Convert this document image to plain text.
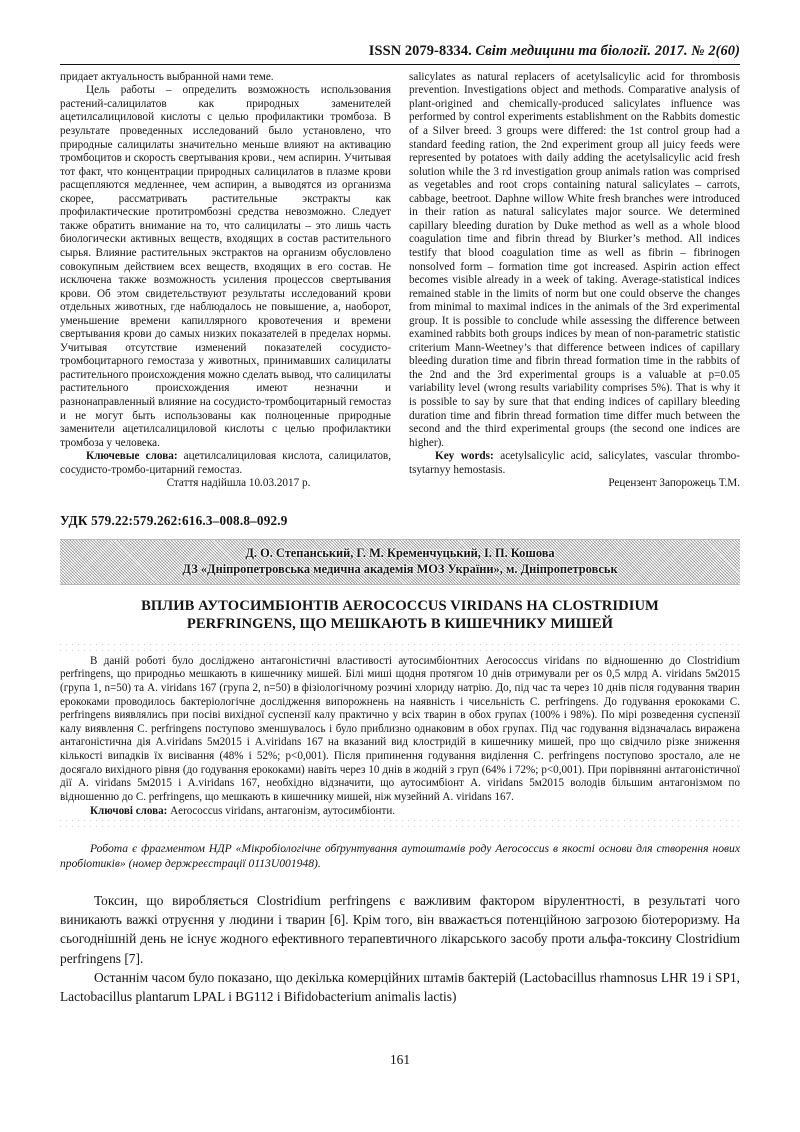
ISSN 2079-8334. Світ медицини та біології. 2017. № 2(60)

придает актуальность выбранной нами теме.

Цель работы – определить возможность использования растений-салицилатов как природных заменителей ацетилсалициловой кислоты с целью профилактики тромбоза. В результате проведенных исследований было установлено, что природные салицилаты значительно меньше влияют на активацию тромбоцитов и скорость свертывания крови., чем аспирин. Учитывая тот факт, что концентрации природных салицилатов в плазме крови расщепляются медленнее, чем аспирин, а выводятся из организма скорее, рассматривать растительные экстракты как профилактические протитромбозні средства невозможно. Следует также обратить внимание на то, что салицилаты – это лишь часть биологически активных веществ, входящих в состав растительного сырья. Влияние растительных экстрактов на организм обусловлено совокупным действием всех веществ, входящих в его состав. Не исключена также возможность усиления процессов свертывания крови. Об этом свидетельствуют результаты исследований крови отдельных животных, где наблюдалось не повышение, а, наоборот, уменьшение времени капиллярного кровотечения и времени свертывания крови до самых низких показателей в пределах нормы. Учитывая отсутствие изменений показателей сосудисто-тромбоцитарного гемостаза у животных, принимавших салицилаты растительного происхождения можно сделать вывод, что салицилаты растительного происхождения имеют незначни и разнонаправленный влияние на сосудисто-тромбоцитарный гемостаз и не могут быть использованы как полноценные природные заменители ацетилсалициловой кислоты с целью профилактики тромбоза у человека.

Ключевые слова: ацетилсалициловая кислота, салицилатов, сосудисто-тромбо-цитарний гемостаз.

Стаття надійшла 10.03.2017 р.

salicylates as natural replacers of acetylsalicylic acid for thrombosis prevention. Investigations object and methods. Comparative analysis of plant-origined and chemically-produced salicylates influence was performed by control experiments establishment on the Rabbits domestic of a Silver breed. 3 groups were differed: the 1st control group had a standard feeding ration, the 2nd experiment group all juicy feeds were represented by potatoes with daily adding the acetylsalicylic acid fresh solution while the 3 rd investigation group animals ration was comprised as vegetables and root crops containing natural salicylates – carrots, cabbage, beetroot. Daphne willow White fresh branches were introduced in their ration as natural salicylates major source. We determined capillary bleeding duration by Duke method as well as a whole blood coagulation time and fibrin thread by Biurker’s method. All indices testify that blood coagulation time as well as fibrin – fibrinogen nonsolved form – formation time got increased. Aspirin action effect becomes visible already in a week of taking. Average-statistical indices remained stable in the limits of norm but one could observe the changes from minimal to maximal indices in the animals of the 3rd experimental group. It is possible to conclude while assessing the difference between examined rabbits both groups indices by mean of non-parametric statistic criterium Mann-Weetney’s that difference between indices of capillary bleeding duration time and fibrin thread formation time in the rabbits of the 2nd and the 3rd experimental groups is a valuable at p=0.05 variability level (wrong results variability comprises 5%). That is why it is possible to say by sure that that ending indices of capillary bleeding duration time and fibrin thread formation time differ much between the second and the third experimental groups (the second one indices are higher).

Key words: acetylsalicylic acid, salicylates, vascular thrombo-tsytarnyy hemostasis.

Рецензент Запорожець Т.М.

УДК 579.22:579.262:616.3–008.8–092.9
Д. О. Степанський, Г. М. Кременчуцький, І. П. Кошова
ДЗ «Дніпропетровська медична академія МОЗ України», м. Дніпропетровськ
ВПЛИВ АУТОСИМБІОНТІВ AEROCOCCUS VIRIDANS НА CLOSTRIDIUM
PERFRINGENS, ЩО МЕШКАЮТЬ В КИШЕЧНИКУ МИШЕЙ

В даній роботі було досліджено антагоністичні властивості аутосимбіонтних Aerococcus viridans по відношенню до Clostridium perfringens, що природньо мешкають в кишечнику мишей. Білі миші щодня протягом 10 днів отримували per os 0,5 млрд A. viridans 5м2015 (група 1, n=50) та A. viridans 167 (група 2, n=50) в фізіологічному розчині хлориду натрію. До, під час та через 10 днів після годування тварин ерококами проводилось бактеріологічне дослідження випорожнень на наявність і чисельність C. perfringens. До годування ерококами C. perfringens виявлялись при посіві вихідної суспензії калу практично у всіх тварин в обох групах (100% і 98%). По мірі розведення суспензії калу виявлення C. perfringens поступово зменшувалось і було приблизно однаковим в обох групах. Під час годування відзначалась виражена антагоністична дія A.viridans 5м2015 і A.viridans 167 на вказаний вид клостридій в кишечнику мишей, про що свідчило різке зниження кількості випадків їх висівання (48% і 52%; p<0,001). Після припинення годування виділення C. perfringens поступово зростало, але не досягало вихідного рівня (до годування ерококами) навіть через 10 днів в жодній з груп (64% і 72%; p<0,001). При порівнянні антагоністичної дії A. viridans 5м2015 і A.viridans 167, необхідно відзначити, що аутосимбіонт A. viridans 5м2015 володів більшим антагонізмом по відношенню до C. perfringens, що мешкають в кишечнику мишей, ніж музейний A. viridans 167.

Ключові слова: Aerococcus viridans, антагонізм, аутосимбіонти.

Робота є фрагментом НДР «Мікробіологічне обґрунтування аутоштамів роду Aerococcus в якості основи для створення нових пробіотиків» (номер держреєстрації 0113U001948).

Токсин, що виробляється Clostridium perfringens є важливим фактором вірулентності, в результаті чого виникають важкі отруєння у людини і тварин [6]. Крім того, він вважається потенційною загрозою біотероризму. На сьогоднішній день не існує жодного ефективного терапевтичного лікарського засобу проти альфа-токсину Clostridium perfringens [7].

Останнім часом було показано, що декілька комерційних штамів бактерій (Lactobacillus rhamnosus LHR 19 і SP1, Lactobacillus plantarum LPAL і BG112 і Bifidobacterium animalis lactis)

161
